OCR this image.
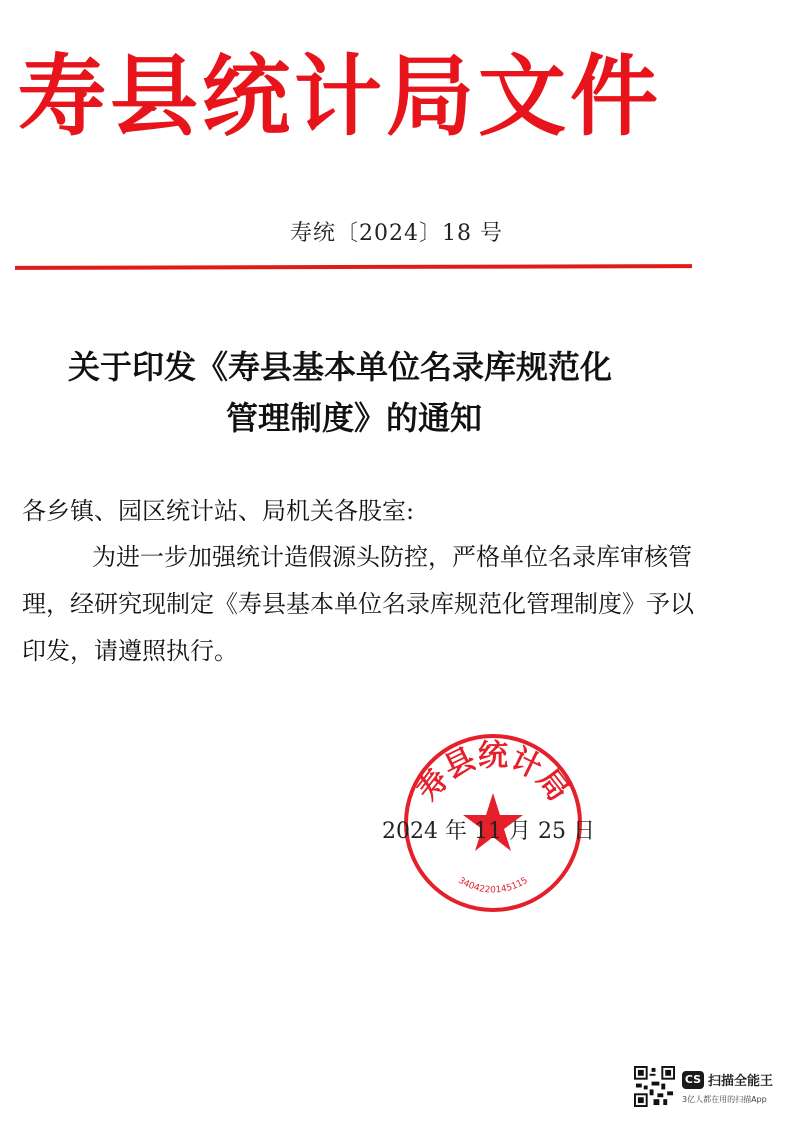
寿县统计局文件
寿统〔2024〕18 号
关于印发《寿县基本单位名录库规范化
管理制度》的通知
各乡镇、园区统计站、局机关各股室:
为进一步加强统计造假源头防控，严格单位名录库审核管
理，经研究现制定《寿县基本单位名录库规范化管理制度》予以
印发，请遵照执行。
寿县统计局
3404220145115
2024 年 11 月 25 日
CS 扫描全能王
3亿人都在用的扫描App
